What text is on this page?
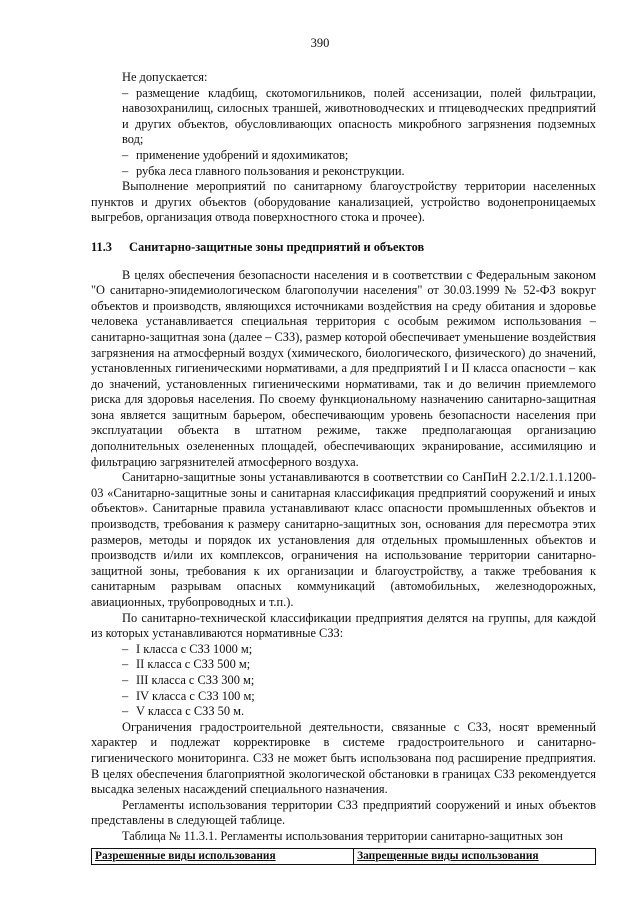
390

Не допускается:

– размещение кладбищ, скотомогильников, полей ассенизации, полей фильтрации, навозохранилищ, силосных траншей, животноводческих и птицеводческих предприятий и других объектов, обусловливающих опасность микробного загрязнения подземных вод;

– применение удобрений и ядохимикатов;

– рубка леса главного пользования и реконструкции.

Выполнение мероприятий по санитарному благоустройству территории населенных пунктов и других объектов (оборудование канализацией, устройство водонепроницаемых выгребов, организация отвода поверхностного стока и прочее).

11.3 Санитарно-защитные зоны предприятий и объектов

В целях обеспечения безопасности населения и в соответствии с Федеральным законом "О санитарно-эпидемиологическом благополучии населения" от 30.03.1999 № 52-ФЗ вокруг объектов и производств, являющихся источниками воздействия на среду обитания и здоровье человека устанавливается специальная территория с особым режимом использования – санитарно-защитная зона (далее – СЗЗ), размер которой обеспечивает уменьшение воздействия загрязнения на атмосферный воздух (химического, биологического, физического) до значений, установленных гигиеническими нормативами, а для предприятий I и II класса опасности – как до значений, установленных гигиеническими нормативами, так и до величин приемлемого риска для здоровья населения. По своему функциональному назначению санитарно-защитная зона является защитным барьером, обеспечивающим уровень безопасности населения при эксплуатации объекта в штатном режиме, также предполагающая организацию дополнительных озелененных площадей, обеспечивающих экранирование, ассимиляцию и фильтрацию загрязнителей атмосферного воздуха.

Санитарно-защитные зоны устанавливаются в соответствии со СанПиН 2.2.1/2.1.1.1200-03 «Санитарно-защитные зоны и санитарная классификация предприятий сооружений и иных объектов». Санитарные правила устанавливают класс опасности промышленных объектов и производств, требования к размеру санитарно-защитных зон, основания для пересмотра этих размеров, методы и порядок их установления для отдельных промышленных объектов и производств и/или их комплексов, ограничения на использование территории санитарно-защитной зоны, требования к их организации и благоустройству, а также требования к санитарным разрывам опасных коммуникаций (автомобильных, железнодорожных, авиационных, трубопроводных и т.п.).

По санитарно-технической классификации предприятия делятся на группы, для каждой из которых устанавливаются нормативные СЗЗ:

– I класса с СЗЗ 1000 м;

– II класса с СЗЗ 500 м;

– III класса с СЗЗ 300 м;

– IV класса с СЗЗ 100 м;

– V класса с СЗЗ 50 м.

Ограничения градостроительной деятельности, связанные с СЗЗ, носят временный характер и подлежат корректировке в системе градостроительного и санитарно-гигиенического мониторинга. СЗЗ не может быть использована под расширение предприятия. В целях обеспечения благоприятной экологической обстановки в границах СЗЗ рекомендуется высадка зеленых насаждений специального назначения.

Регламенты использования территории СЗЗ предприятий сооружений и иных объектов представлены в следующей таблице.

Таблица № 11.3.1. Регламенты использования территории санитарно-защитных зон

Разрешенные виды использования	Запрещенные виды использования
